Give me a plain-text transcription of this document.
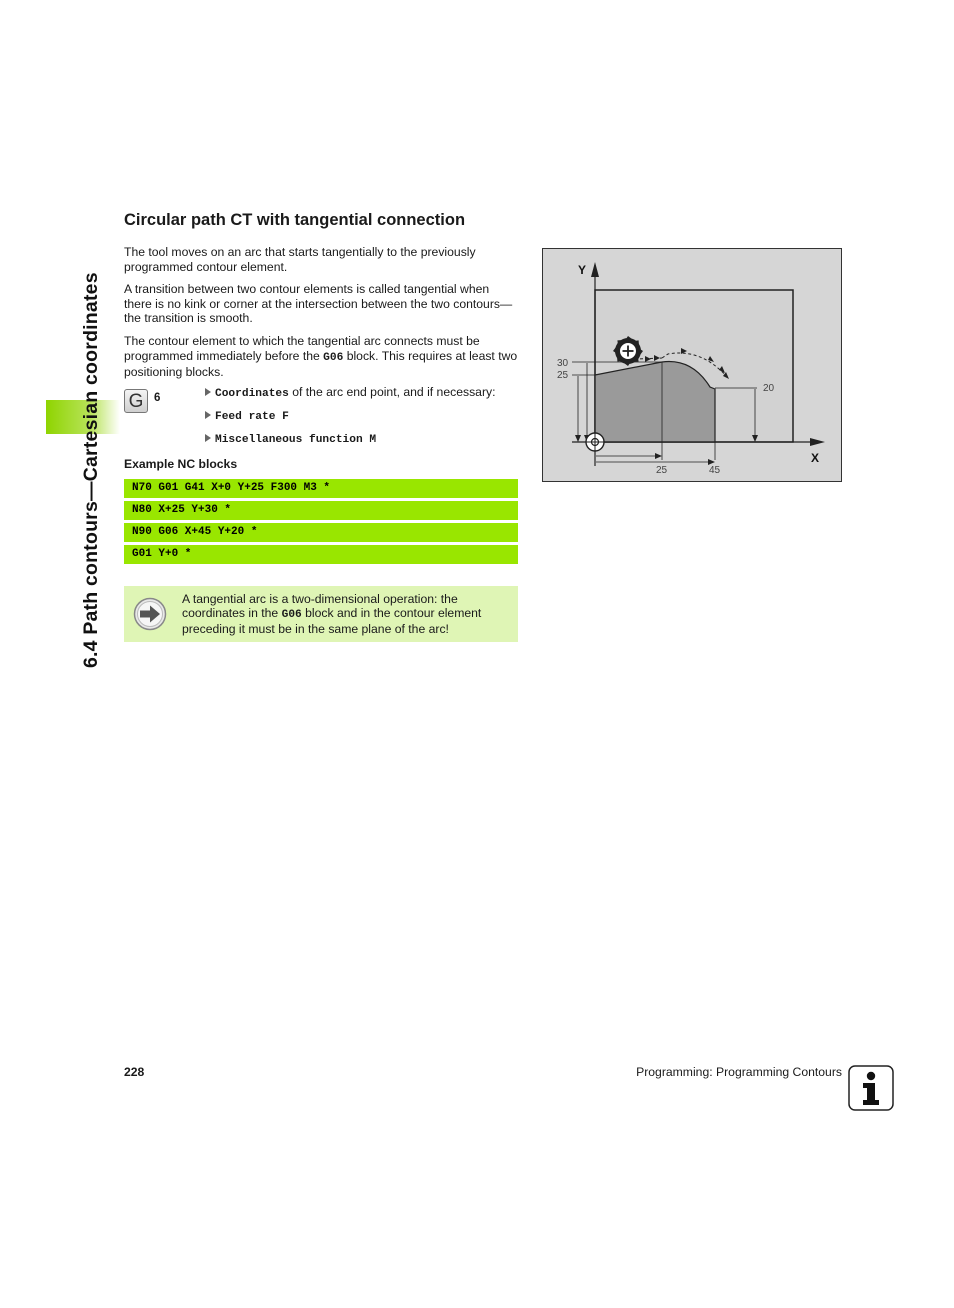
6.4 Path contours—Cartesian coordinates
Circular path CT with tangential connection

The tool moves on an arc that starts tangentially to the previously programmed contour element.

A transition between two contour elements is called tangential when there is no kink or corner at the intersection between the two contours—the transition is smooth.

The contour element to which the tangential arc connects must be programmed immediately before the G06 block. This requires at least two positioning blocks.

G 6	Coordinates of the arc end point, and if necessary:
Feed rate F
Miscellaneous function M
Example NC blocks
N70 G01 G41 X+0 Y+25 F300 M3 *
N80 X+25 Y+30 *
N90 G06 X+45 Y+20 *
G01 Y+0 *

A tangential arc is a two-dimensional operation: the coordinates in the G06 block and in the contour element preceding it must be in the same plane of the arc!

Y
X
30
25
20
25	45
228	Programming: Programming Contours
